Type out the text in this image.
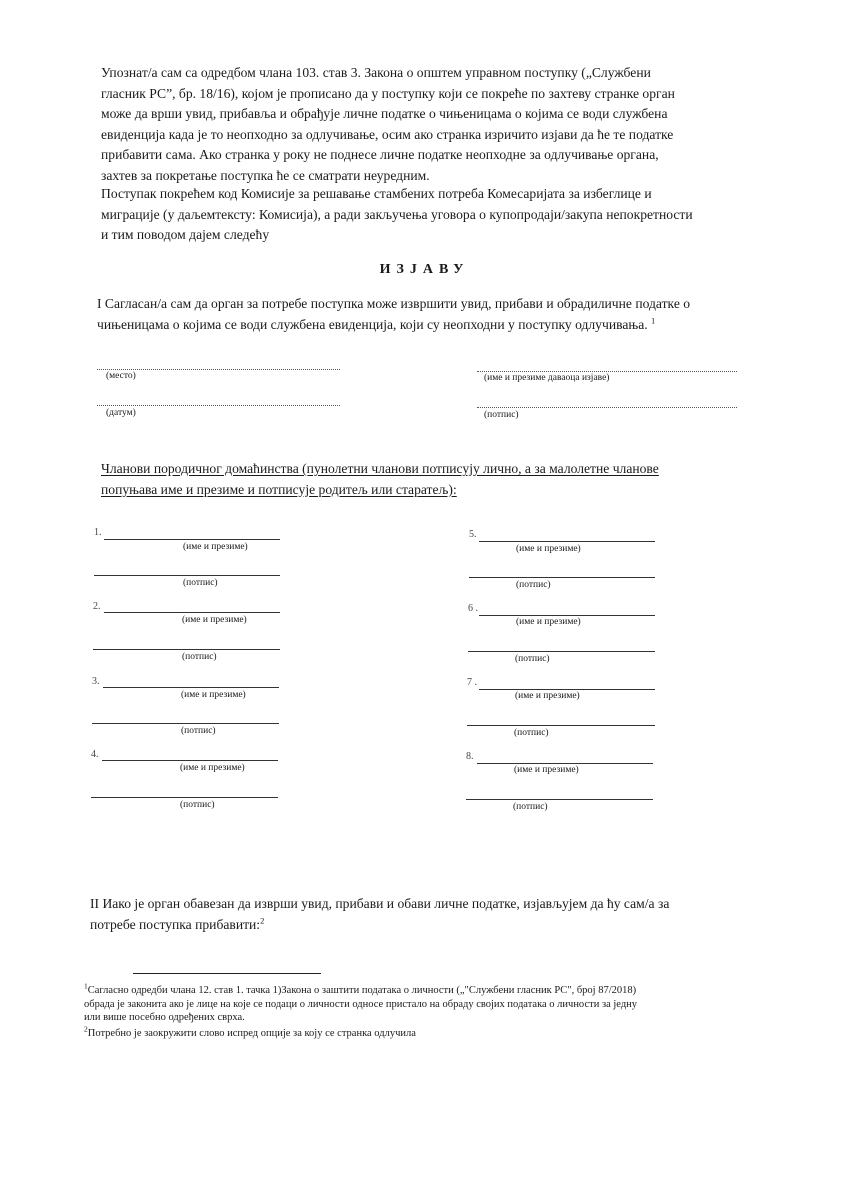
Упознат/а сам са одредбом члана 103. став 3. Закона о општем управном поступку („Службени
гласник РС”, бр. 18/16), којом је прописано да у поступку који се покреће по захтеву странке орган
може да врши увид, прибавља и обрађује личне податке о чињеницама о којима се води службена
евиденција када је то неопходно за одлучивање, осим ако странка изричито изјави да ће те податке
прибавити сама. Ако странка у року не поднесе личне податке неопходне за одлучивање органа,
захтев за покретање поступка ће се сматрати неуредним.
Поступак покрећем код Комисије за решавање стамбених потреба Комесаријата за избеглице и
миграције (у даљемтексту: Комисија), а ради закључења уговора о купопродаји/закупа непокретности
и тим поводом дајем следећу
ИЗЈАВУ
I Сагласан/а сам да орган за потребе поступка може извршити увид, прибави и обрадиличне податке о
чињеницама о којима се води службена евиденција, који су неопходни у поступку одлучивања. $^1$
(место)
(датум)
(име и презиме даваоца изјаве)
(потпис)
Чланови породичног домаћинства (пунолетни чланови потписују лично, а за малолетне чланове
попуњава име и презиме и потписује родитељ или старатељ):
1.
(име и презиме)
(потпис)
2.
(име и презиме)
(потпис)
3.
(име и презиме)
(потпис)
4.
(име и презиме)
(потпис)
5.
(име и презиме)
(потпис)
6 .
(име и презиме)
(потпис)
7 .
(име и презиме)
(потпис)
8.
(име и презиме)
(потпис)
II Иако је орган обавезан да изврши увид, прибави и обави личне податке, изјављујем да ћу сам/а за
потребе поступка прибавити:$^2$
$^1$Сагласно одредби члана 12. став 1. тачка 1)Закона о заштити података о личности („"Службени гласник РС", број 87/2018)
обрада је законита ако је лице на које се подаци о личности односе пристало на обраду својих података о личности за једну
или више посебно одређених сврха.
$^2$Потребно је заокружити слово испред опције за коју се странка одлучила
